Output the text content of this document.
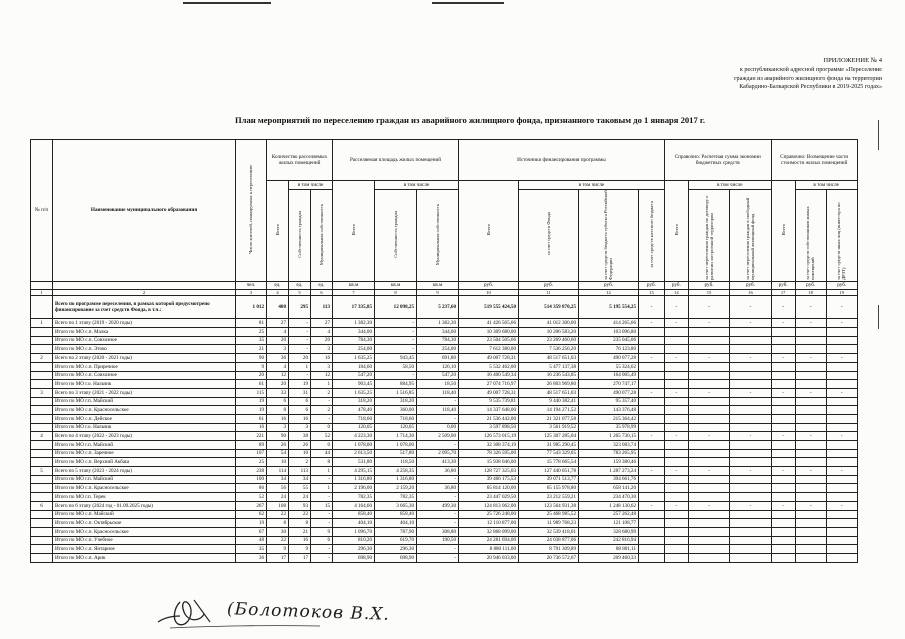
ПРИЛОЖЕНИЕ № 4
к республиканской адресной программе «Переселение
граждан из аварийного жилищного фонда на территории
Кабардино-Балкарской Республики в 2019-2025 годах»
План мероприятий по переселению граждан из аварийного жилищного фонда, признанного таковым до 1 января 2017 г.
№ п/п	Наименование муниципального образования	Число жителей, планируемых к переселению	Количество расселяемых жилых помещений			Расселяемая площадь жилых помещений			Источники финансирования программы				Справочно: Расчетная сумма экономии бюджетных средств			Справочно: Возмещение части стоимости жилых помещений		
			Всего	в том числе		Всего	в том числе		Всего	в том числе			Всего	в том числе		Всего	в том числе	
				Собственность граждан	Муниципальная собственность		Собственность граждан	Муниципальная собственность		за счет средств Фонда	за счет средств бюджета субъекта Российской Федерации	за счет средств местного бюджета		за счет переселения граждан по договору о развитии застроенной территории	за счет переселения граждан в свободный муниципальный жилищный фонд		за счет средств собственников жилых помещений	за счет средств иных лиц (инвестора по ДРЗТ)
		чел.	ед.	ед.	ед.	кв.м	кв.м	кв.м	руб.	руб.	руб.	руб.	руб.	руб.	руб.	руб.	руб.	руб.
1	2	3	4	5	6	7	8	9	10	11	12	13	14	15	16	17	18	19
	Всего по программе переселения, в рамках которой предусмотрено финансирование за счет средств Фонда, в т.ч.:	1 012	408	295	113	17 335,85	12 098,25	5 237,60	519 555 424,50	514 359 870,25	5 195 554,25	-	-	-	-	-	-	-
1	Всего по 1 этапу (2019 - 2020 годы)	81	27	-	27	1 382,30	-	1 382,30	41 426 565,66	41 012 300,00	414 265,66	-	-	-	-	-	-	-
	Итого по МО с.п. Малка	25	4	-	4	344,00	-	344,00	10 309 680,00	10 206 583,20	103 096,80							
	Итого по МО с.п. Совхозное	35	20	-	20	784,30	-	784,30	23 504 505,66	23 269 460,60	235 045,06							
	Итого по МО с.п. Этоко	21	3	-	3	254,00	-	254,00	7 612 380,00	7 536 256,20	76 123,80							
2	Всего по 2 этапу (2020 - 2021 годы)	90	36	20	16	1 635,25	943,45	691,80	49 007 728,31	48 517 651,03	490 077,28	-	-	-	-	-	-	-
	Итого по МО с.п. Приречное	9	4	1	3	184,60	58,50	126,10	5 532 462,00	5 477 137,38	55 324,62							
	Итого по МО с.п. Совхозное	20	12	-	12	547,20	-	547,20	16 400 549,34	16 236 543,85	164 005,49							
	Итого по МО г.о. Нальчик	61	20	19	1	903,45	884,95	18,50	27 074 716,97	26 803 969,80	270 747,17							
3	Всего по 3 этапу (2021 - 2022 годы)	115	33	31	2	1 635,25	1 516,85	118,40	49 007 728,31	48 517 651,03	490 077,28	-	-	-	-	-	-	-
	Итого по МО г.п. Майский	19	6	6	-	318,20	318,20	-	9 535 739,81	9 440 382,41	95 357,40							
	Итого по МО с.п. Красносельское	19	8	6	2	478,40	360,00	118,40	14 337 648,00	14 194 271,52	143 376,48							
	Итого по МО с.п. Дейское	61	16	16	-	718,60	718,60	-	21 536 442,00	21 321 077,58	215 364,42							
	Итого по МО г.о. Нальчик	16	3	3	0	120,05	120,05	0,00	3 597 898,50	3 561 919,52	35 978,99							
4	Всего по 4 этапу (2022 - 2023 годы)	221	90	38	52	4 223,30	1 714,30	2 509,00	126 573 015,19	125 307 285,04	1 265 730,15	-	-	-	-	-	-	-
	Итого по МО г.п. Майский	89	26	26	0	1 078,00	1 078,00	-	32 308 374,19	31 985 290,45	323 083,74							
	Итого по МО с.п. Заречное	107	54	10	44	2 613,50	517,80	2 095,70	78 326 595,00	77 543 329,05	783 265,95							
	Итого по МО с.п. Верхний Акбаш	25	10	2	8	531,80	118,50	413,30	15 938 046,00	15 778 665,54	159 380,46							
5	Всего по 5 этапу (2023 - 2024 годы)	238	114	113	1	4 295,15	4 258,35	36,80	128 727 325,03	127 440 051,78	1 287 273,24	-	-	-	-	-	-	-
	Итого по МО г.п. Майский	100	34	34	-	1 316,80	1 316,80	-	39 466 175,53	39 071 513,77	394 661,76							
	Итого по МО с.п. Красносельское	86	56	55	1	2 196,00	2 159,20	36,80	65 814 120,00	65 155 978,80	658 141,20							
	Итого по МО г.п. Терек	52	24	24	-	782,35	782,35	-	23 447 029,50	23 212 559,21	234 470,30							
6	Всего по 6 этапу (2024 год - 01.09.2025 годы)	267	108	93	15	4 164,60	3 665,30	499,30	124 813 062,00	123 564 931,38	1 248 130,62	-	-	-	-	-	-	-
	Итого по МО с.п. Майский	62	22	22	-	858,40	858,40	-	25 726 248,00	25 468 985,52	257 262,48							
	Итого по МО с.п. Октябрьское	19	8	8	-	404,10	404,10	-	12 110 877,00	11 989 768,23	121 108,77							
	Итого по МО с.п. Красносельское	67	30	21	9	1 096,70	787,90	308,80	32 868 099,00	32 539 418,01	328 680,99							
	Итого по МО с.п. Учебное	48	22	16	6	810,20	619,70	190,50	24 281 694,00	24 038 877,06	242 816,94							
	Итого по МО с.п. Янтарное	35	9	9	-	296,30	296,30	-	8 880 111,00	8 791 309,89	88 801,11							
	Итого по МО с.п. Арик	36	17	17	-	698,90	698,90	-	20 946 033,00	20 736 572,67	209 460,33							
(Болотоков В.Х.
